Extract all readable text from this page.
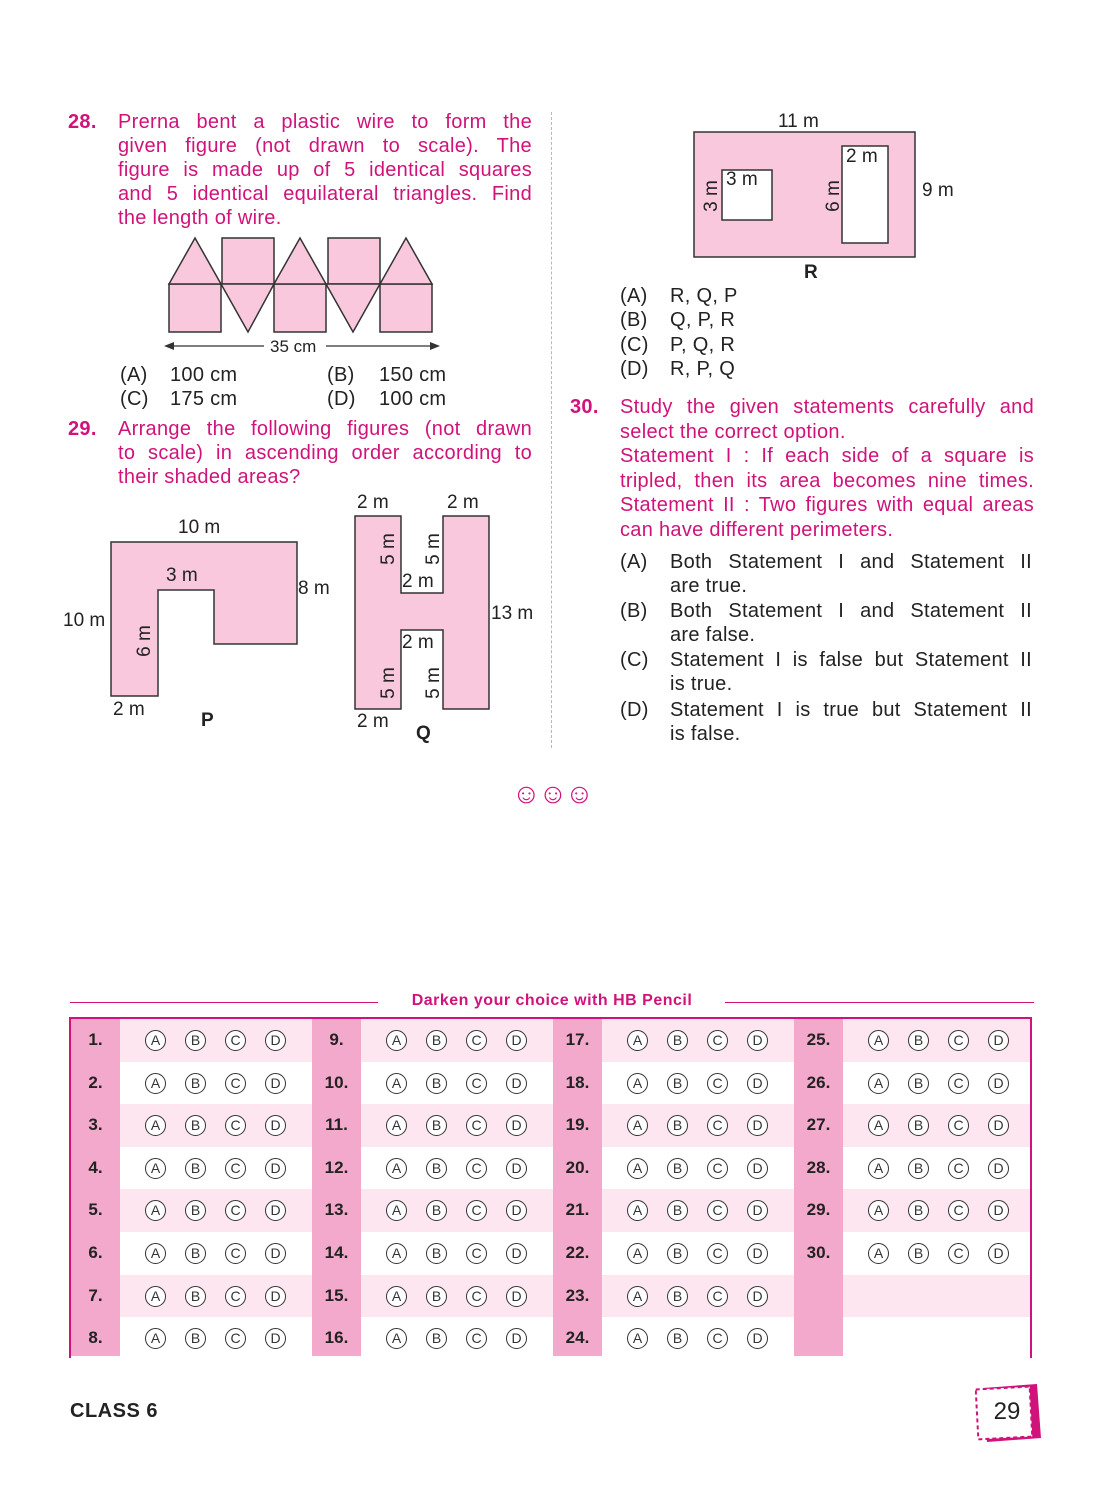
28. Prerna bent a plastic wire to form the
given figure (not drawn to scale). The
figure is made up of 5 identical squares
and 5 identical equilateral triangles. Find
the length of wire.
35 cm
(A) 100 cm	(B) 150 cm
(C) 175 cm	(D) 100 cm
29. Arrange the following figures (not drawn
to scale) in ascending order according to
their shaded areas?
10 m
3 m
8 m
10 m
6 m
2 m
P
2 m	2 m
5 m 5 m
2 m
13 m
2 m
5 m 5 m
2 m
Q
11 m
2 m
3 m
3 m	6 m	9 m
R
(A) R, Q, P
(B) Q, P, R
(C) P, Q, R
(D) R, P, Q
30. Study the given statements carefully and
select the correct option.
Statement I : If each side of a square is
tripled, then its area becomes nine times.
Statement II : Two figures with equal areas
can have different perimeters.
(A) Both Statement I and Statement II
are true.
(B) Both Statement I and Statement II
are false.
(C) Statement I is false but Statement II
is true.
(D) Statement I is true but Statement II
is false.
☺☺☺
Darken your choice with HB Pencil
1.	A	B	C	D
2.	A	B	C	D
3.	A	B	C	D
4.	A	B	C	D
5.	A	B	C	D
6.	A	B	C	D
7.	A	B	C	D
8.	A	B	C	D
9.	A	B	C	D
10.	A	B	C	D
11.	A	B	C	D
12.	A	B	C	D
13.	A	B	C	D
14.	A	B	C	D
15.	A	B	C	D
16.	A	B	C	D
17.	A	B	C	D
18.	A	B	C	D
19.	A	B	C	D
20.	A	B	C	D
21.	A	B	C	D
22.	A	B	C	D
23.	A	B	C	D
24.	A	B	C	D
25.	A	B	C	D
26.	A	B	C	D
27.	A	B	C	D
28.	A	B	C	D
29.	A	B	C	D
30.	A	B	C	D
CLASS 6	29
